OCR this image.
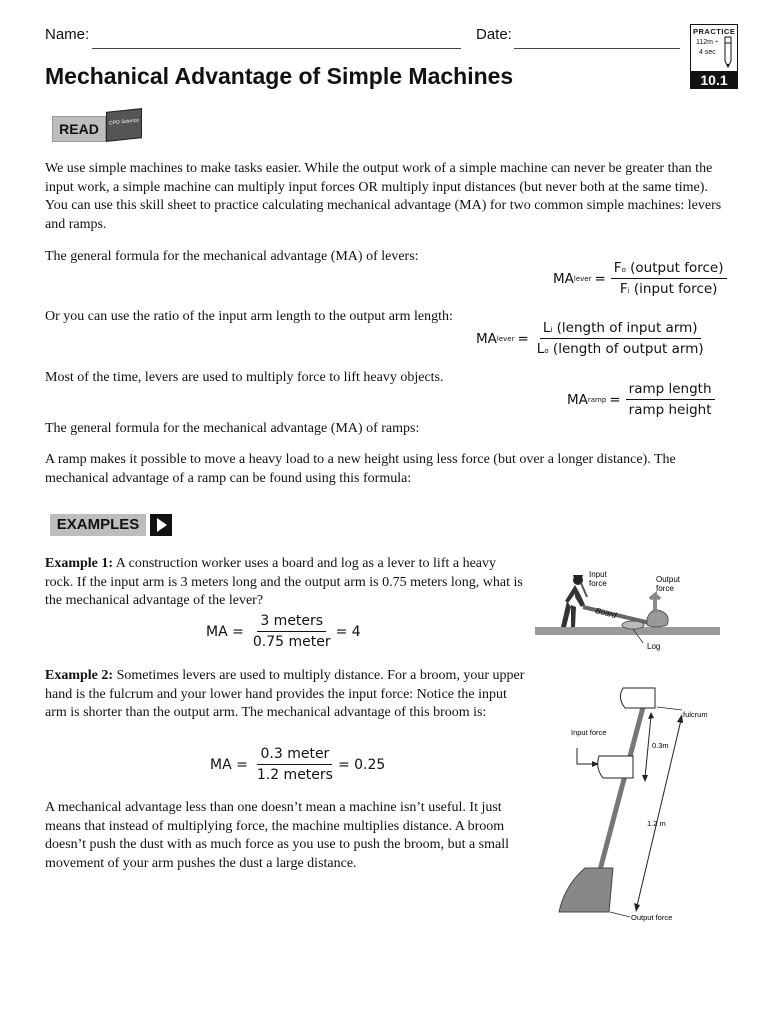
Name:	Date:	PRACTICE
112m ÷
4 sec
10.1
Mechanical Advantage of Simple Machines
READ	CPO Science
We use simple machines to make tasks easier. While the output work of a simple machine can never be greater than the input work, a simple machine can multiply input forces OR multiply input distances (but never both at the same time). You can use this skill sheet to practice calculating mechanical advantage (MA) for two common simple machines: levers and ramps.
The general formula for the mechanical advantage (MA) of levers:
MA lever = $\frac{\text{Fo (output force)}}{\text{Fi (input force)}}$
Or you can use the ratio of the input arm length to the output arm length:
MA lever = $\frac{\text{Li (length of input arm)}}{\text{Lo (length of output arm)}}$
Most of the time, levers are used to multiply force to lift heavy objects.
MA ramp = $\frac{\text{ramp length}}{\text{ramp height}}$
The general formula for the mechanical advantage (MA) of ramps:
A ramp makes it possible to move a heavy load to a new height using less force (but over a longer distance). The mechanical advantage of a ramp can be found using this formula:
EXAMPLES
Example 1: A construction worker uses a board and log as a lever to lift a heavy rock. If the input arm is 3 meters long and the output arm is 0.75 meters long, what is the mechanical advantage of the lever?
MA = $\frac{\text{3 meters}}{\text{0.75 meter}} = 4$
Input force	Output force
Board
Log
Example 2: Sometimes levers are used to multiply distance. For a broom, your upper hand is the fulcrum and your lower hand provides the input force: Notice the input arm is shorter than the output arm. The mechanical advantage of this broom is:
MA = $\frac{\text{0.3 meter}}{\text{1.2 meters}} = 0.25$
fulcrum
Input force
0.3m
1.2 m
Output force
A mechanical advantage less than one doesn’t mean a machine isn’t useful. It just means that instead of multiplying force, the machine multiplies distance. A broom doesn’t push the dust with as much force as you use to push the broom, but a small movement of your arm pushes the dust a large distance.
